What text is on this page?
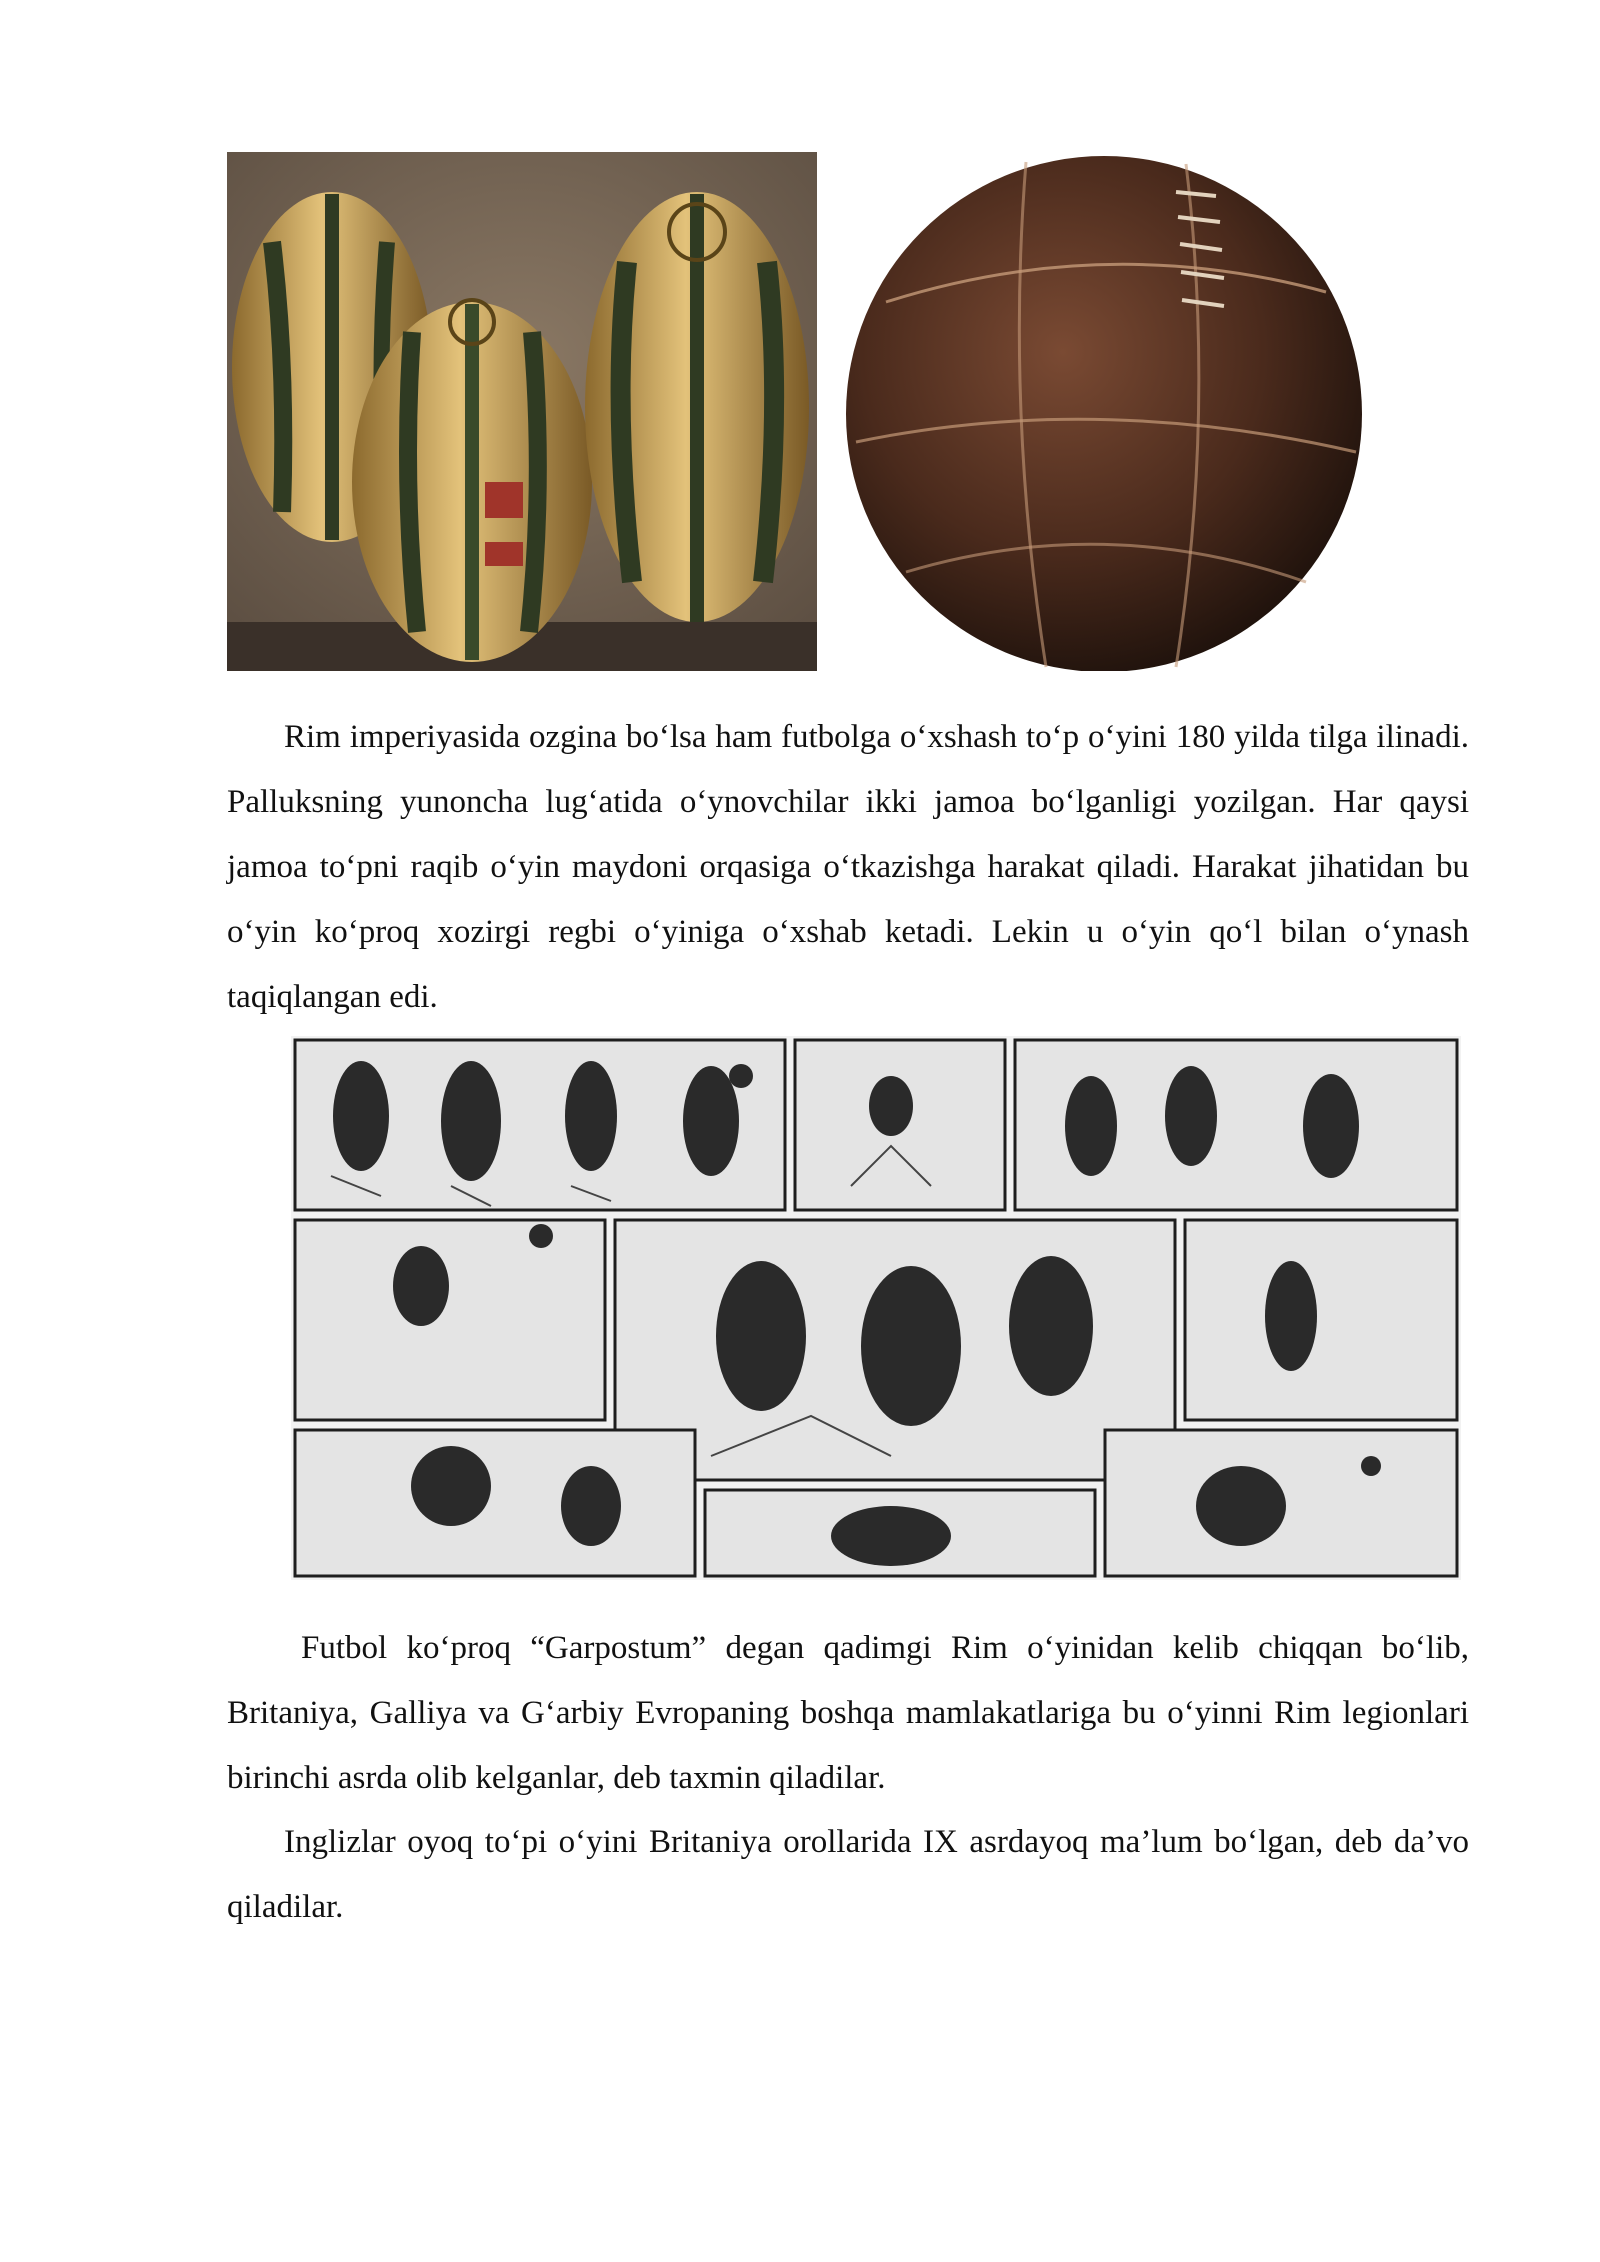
Rim imperiyasida ozgina bo‘lsa ham futbolga o‘xshash to‘p o‘yini 180 yilda tilga ilinadi. Palluksning yunoncha lug‘atida o‘ynovchilar ikki jamoa bo‘lganligi yozilgan. Har qaysi jamoa to‘pni raqib o‘yin maydoni orqasiga o‘tkazishga harakat qiladi. Harakat jihatidan bu o‘yin ko‘proq xozirgi regbi o‘yiniga o‘xshab ketadi. Lekin u o‘yin qo‘l bilan o‘ynash taqiqlangan edi.

Futbol ko‘proq “Garpostum” degan qadimgi Rim o‘yinidan kelib chiqqan bo‘lib, Britaniya, Galliya va G‘arbiy Evropaning boshqa mamlakatlariga bu o‘yinni Rim legionlari birinchi asrda olib kelganlar, deb taxmin qiladilar.

Inglizlar oyoq to‘pi o‘yini Britaniya orollarida IX asrdayoq ma’lum bo‘lgan, deb da’vo qiladilar.
